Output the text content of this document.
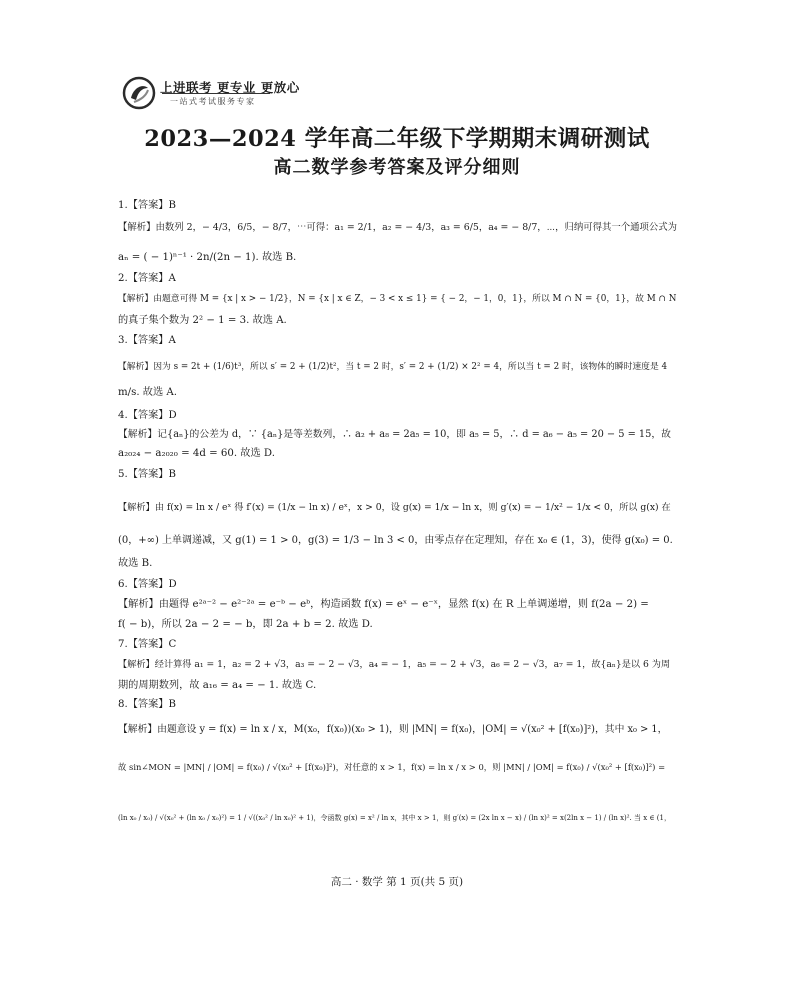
上进联考 更专业 更放心
一站式考试服务专家
2023—2024 学年高二年级下学期期末调研测试
高二数学参考答案及评分细则
1.【答案】B
【解析】由数列 2，− 4/3，6/5，− 8/7，⋯可得：a₁ = 2/1，a₂ = − 4/3，a₃ = 6/5，a₄ = − 8/7，⋯，归纳可得其一个通项公式为
aₙ = ( − 1)ⁿ⁻¹ · 2n/(2n − 1). 故选 B.
2.【答案】A
【解析】由题意可得 M = {x | x > − 1/2}，N = {x | x ∈ Z，− 3 < x ≤ 1} = { − 2，− 1，0，1}，所以 M ∩ N = {0，1}，故 M ∩ N
的真子集个数为 2² − 1 = 3. 故选 A.
3.【答案】A
【解析】因为 s = 2t + (1/6)t³，所以 s′ = 2 + (1/2)t²，当 t = 2 时，s′ = 2 + (1/2) × 2² = 4，所以当 t = 2 时，该物体的瞬时速度是 4
m/s. 故选 A.
4.【答案】D
【解析】记{aₙ}的公差为 d，∵ {aₙ}是等差数列，∴ a₂ + a₈ = 2a₅ = 10，即 a₅ = 5，∴ d = a₆ − a₅ = 20 − 5 = 15，故
a₂₀₂₄ − a₂₀₂₀ = 4d = 60. 故选 D.
5.【答案】B
【解析】由 f(x) = ln x / eˣ 得 f′(x) = (1/x − ln x) / eˣ，x > 0，设 g(x) = 1/x − ln x，则 g′(x) = − 1/x² − 1/x < 0，所以 g(x) 在
(0，+∞) 上单调递减，又 g(1) = 1 > 0，g(3) = 1/3 − ln 3 < 0，由零点存在定理知，存在 x₀ ∈ (1，3)，使得 g(x₀) = 0.
故选 B.
6.【答案】D
【解析】由题得 e²ᵃ⁻² − e²⁻²ᵃ = e⁻ᵇ − eᵇ，构造函数 f(x) = eˣ − e⁻ˣ，显然 f(x) 在 R 上单调递增，则 f(2a − 2) =
f( − b)，所以 2a − 2 = − b，即 2a + b = 2. 故选 D.
7.【答案】C
【解析】经计算得 a₁ = 1，a₂ = 2 + √3，a₃ = − 2 − √3，a₄ = − 1，a₅ = − 2 + √3，a₆ = 2 − √3，a₇ = 1，故{aₙ}是以 6 为周
期的周期数列，故 a₁₆ = a₄ = − 1. 故选 C.
8.【答案】B
【解析】由题意设 y = f(x) = ln x / x，M(x₀，f(x₀))(x₀ > 1)，则 |MN| = f(x₀)，|OM| = √(x₀² + [f(x₀)]²)，其中 x₀ > 1，
故 sin∠MON = |MN| / |OM| = f(x₀) / √(x₀² + [f(x₀)]²)，对任意的 x > 1，f(x) = ln x / x > 0，则 |MN| / |OM| = f(x₀) / √(x₀² + [f(x₀)]²) =
(ln x₀ / x₀) / √(x₀² + (ln x₀ / x₀)²) = 1 / √((x₀² / ln x₀)² + 1)，令函数 g(x) = x² / ln x，其中 x > 1，则 g′(x) = (2x ln x − x) / (ln x)² = x(2ln x − 1) / (ln x)². 当 x ∈ (1，
高二 · 数学 第 1 页(共 5 页)
